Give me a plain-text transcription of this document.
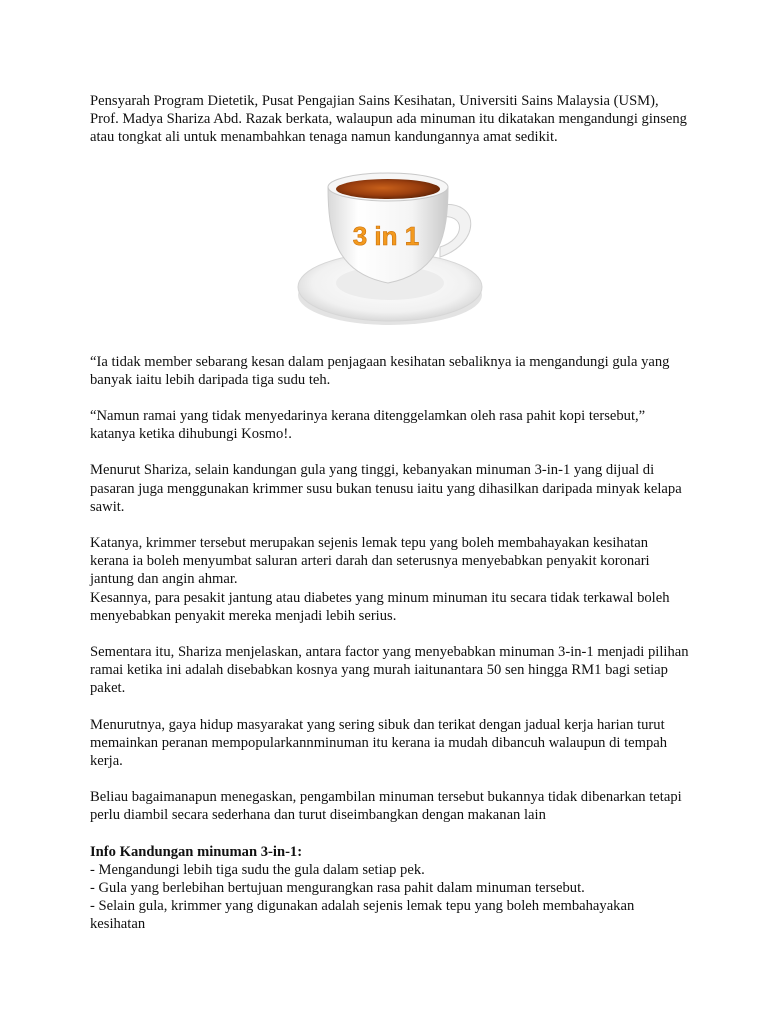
Pensyarah Program Dietetik, Pusat Pengajian Sains Kesihatan, Universiti Sains Malaysia (USM), Prof. Madya Shariza Abd. Razak berkata, walaupun ada minuman itu dikatakan mengandungi ginseng atau tongkat ali untuk menambahkan tenaga namun kandungannya amat sedikit.

3 in 1

“Ia tidak member sebarang kesan dalam penjagaan kesihatan sebaliknya ia mengandungi gula yang banyak iaitu lebih daripada tiga sudu teh.

“Namun ramai yang tidak menyedarinya kerana ditenggelamkan oleh rasa pahit kopi tersebut,” katanya ketika dihubungi Kosmo!.

Menurut Shariza, selain kandungan gula yang tinggi, kebanyakan minuman 3-in-1 yang dijual di pasaran juga menggunakan krimmer susu bukan tenusu iaitu yang dihasilkan daripada minyak kelapa sawit.

Katanya, krimmer tersebut merupakan sejenis lemak tepu yang boleh membahayakan kesihatan kerana ia boleh menyumbat saluran arteri darah dan seterusnya menyebabkan penyakit koronari jantung dan angin ahmar.

Kesannya, para pesakit jantung atau diabetes yang minum minuman itu secara tidak terkawal boleh menyebabkan penyakit mereka menjadi lebih serius.

Sementara itu, Shariza menjelaskan, antara factor yang menyebabkan minuman 3-in-1 menjadi pilihan ramai ketika ini adalah disebabkan kosnya yang murah iaitunantara 50 sen hingga RM1 bagi setiap paket.

Menurutnya, gaya hidup masyarakat yang sering sibuk dan terikat dengan jadual kerja harian turut memainkan peranan mempopularkannminuman itu kerana ia mudah dibancuh walaupun di tempah kerja.

Beliau bagaimanapun menegaskan, pengambilan minuman tersebut bukannya tidak dibenarkan tetapi perlu diambil secara sederhana dan turut diseimbangkan dengan makanan lain

Info Kandungan minuman 3-in-1:

- Mengandungi lebih tiga sudu the gula dalam setiap pek.

- Gula yang berlebihan bertujuan mengurangkan rasa pahit dalam minuman tersebut.

- Selain gula, krimmer yang digunakan adalah sejenis lemak tepu yang boleh membahayakan kesihatan
